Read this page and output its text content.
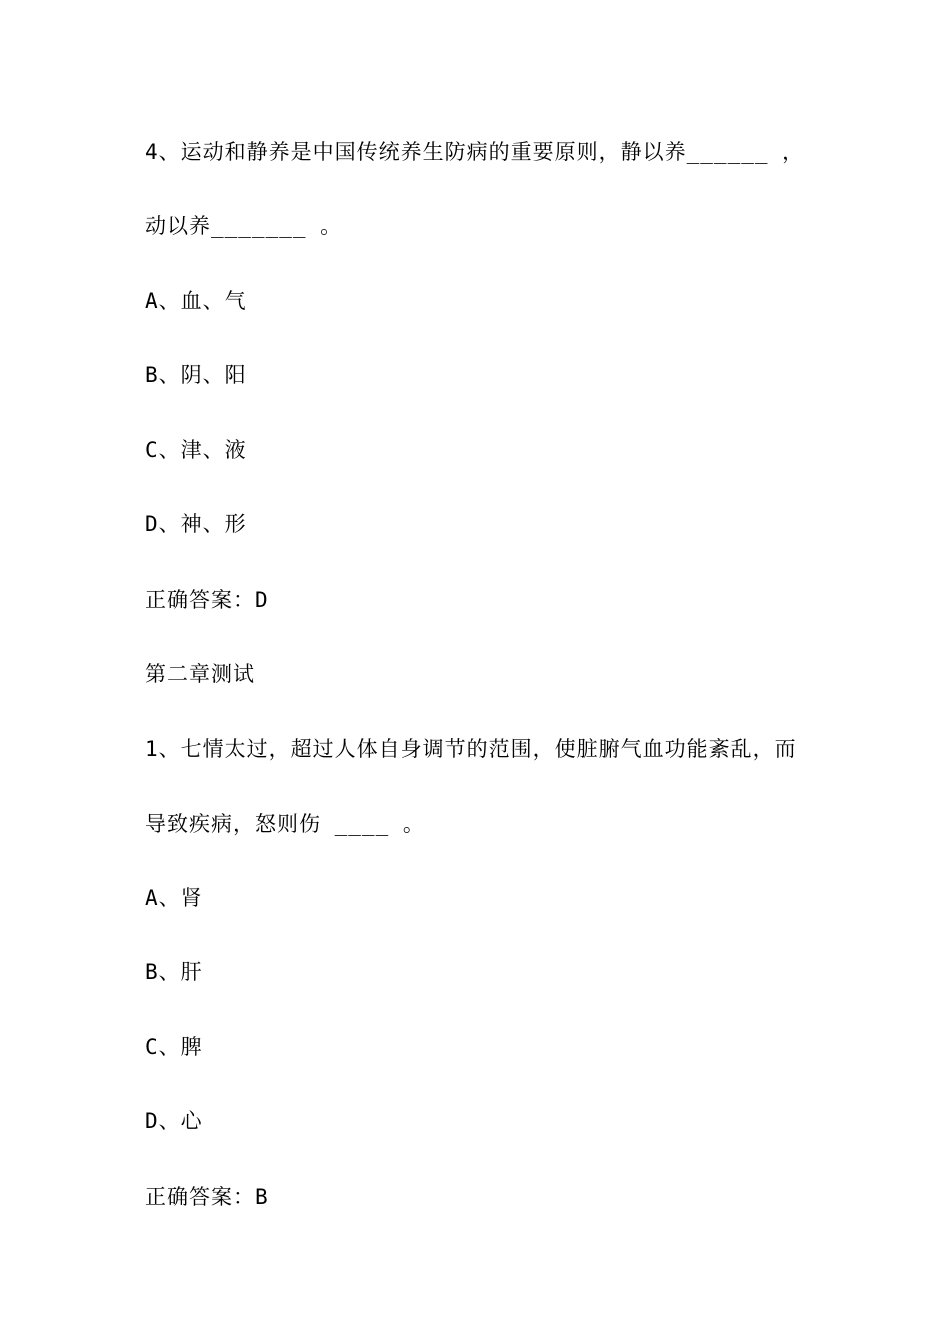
4、运动和静养是中国传统养生防病的重要原则，静以养______ ，
动以养_______ 。
A、血、气
B、阴、阳
C、津、液
D、神、形
正确答案：D
第二章测试
1、七情太过，超过人体自身调节的范围，使脏腑气血功能紊乱，而
导致疾病，怒则伤 ____ 。
A、肾
B、肝
C、脾
D、心
正确答案：B
